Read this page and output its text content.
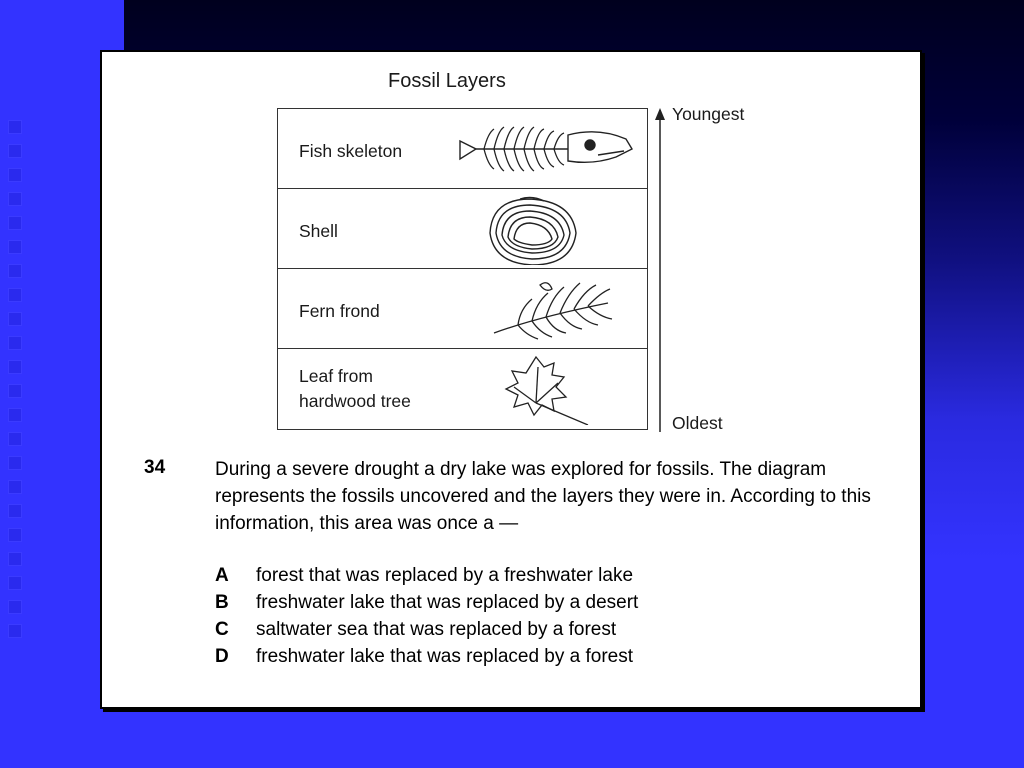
Fossil Layers
Fish skeleton
Shell
Fern frond
Leaf from
hardwood tree
Youngest
Oldest
34	During a severe drought a dry lake was explored for fossils. The diagram represents the fossils uncovered and the layers they were in. According to this information, this area was once a —
A forest that was replaced by a freshwater lake
B freshwater lake that was replaced by a desert
C saltwater sea that was replaced by a forest
D freshwater lake that was replaced by a forest
